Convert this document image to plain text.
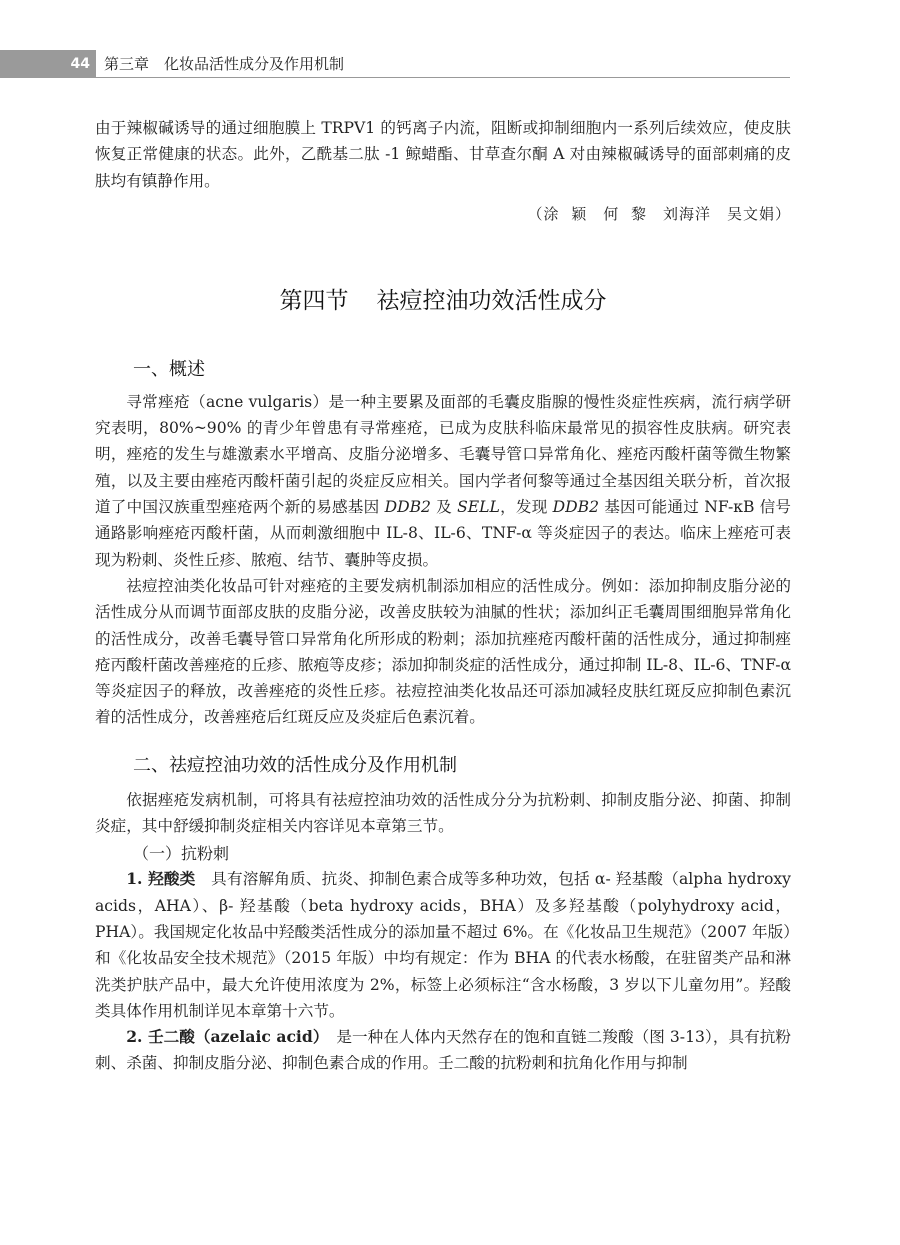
44 第三章　化妆品活性成分及作用机制

由于辣椒碱诱导的通过细胞膜上 TRPV1 的钙离子内流，阻断或抑制细胞内一系列后续效应，使皮肤恢复正常健康的状态。此外，乙酰基二肽 -1 鲸蜡酯、甘草查尔酮 A 对由辣椒碱诱导的面部刺痛的皮肤均有镇静作用。

（涂 颖　何 黎　刘海洋　吴文娟）
第四节 祛痘控油功效活性成分
一、概述

寻常痤疮（acne vulgaris）是一种主要累及面部的毛囊皮脂腺的慢性炎症性疾病，流行病学研究表明，80%~90% 的青少年曾患有寻常痤疮，已成为皮肤科临床最常见的损容性皮肤病。研究表明，痤疮的发生与雄激素水平增高、皮脂分泌增多、毛囊导管口异常角化、痤疮丙酸杆菌等微生物繁殖，以及主要由痤疮丙酸杆菌引起的炎症反应相关。国内学者何黎等通过全基因组关联分析，首次报道了中国汉族重型痤疮两个新的易感基因 DDB2 及 SELL，发现 DDB2 基因可能通过 NF-κB 信号通路影响痤疮丙酸杆菌，从而刺激细胞中 IL-8、IL-6、TNF-α 等炎症因子的表达。临床上痤疮可表现为粉刺、炎性丘疹、脓疱、结节、囊肿等皮损。

祛痘控油类化妆品可针对痤疮的主要发病机制添加相应的活性成分。例如：添加抑制皮脂分泌的活性成分从而调节面部皮肤的皮脂分泌，改善皮肤较为油腻的性状；添加纠正毛囊周围细胞异常角化的活性成分，改善毛囊导管口异常角化所形成的粉刺；添加抗痤疮丙酸杆菌的活性成分，通过抑制痤疮丙酸杆菌改善痤疮的丘疹、脓疱等皮疹；添加抑制炎症的活性成分，通过抑制 IL-8、IL-6、TNF-α 等炎症因子的释放，改善痤疮的炎性丘疹。祛痘控油类化妆品还可添加减轻皮肤红斑反应抑制色素沉着的活性成分，改善痤疮后红斑反应及炎症后色素沉着。

二、祛痘控油功效的活性成分及作用机制

依据痤疮发病机制，可将具有祛痘控油功效的活性成分分为抗粉刺、抑制皮脂分泌、抑菌、抑制炎症，其中舒缓抑制炎症相关内容详见本章第三节。

（一）抗粉刺

1. 羟酸类　具有溶解角质、抗炎、抑制色素合成等多种功效，包括 α- 羟基酸（alpha hydroxy acids，AHA）、β- 羟基酸（beta hydroxy acids，BHA）及多羟基酸（polyhydroxy acid，PHA）。我国规定化妆品中羟酸类活性成分的添加量不超过 6%。在《化妆品卫生规范》（2007 年版）和《化妆品安全技术规范》（2015 年版）中均有规定：作为 BHA 的代表水杨酸，在驻留类产品和淋洗类护肤产品中，最大允许使用浓度为 2%，标签上必须标注“含水杨酸，3 岁以下儿童勿用”。羟酸类具体作用机制详见本章第十六节。

2. 壬二酸（azelaic acid）　是一种在人体内天然存在的饱和直链二羧酸（图 3-13），具有抗粉刺、杀菌、抑制皮脂分泌、抑制色素合成的作用。壬二酸的抗粉刺和抗角化作用与抑制
